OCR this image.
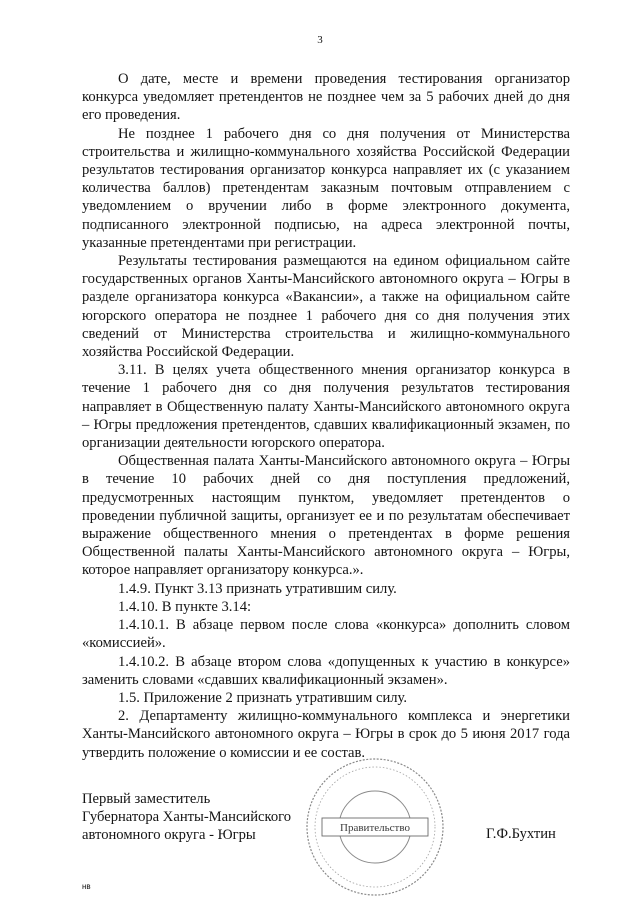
3

О дате, месте и времени проведения тестирования организатор конкурса уведомляет претендентов не позднее чем за 5 рабочих дней до дня его проведения.

Не позднее 1 рабочего дня со дня получения от Министерства строительства и жилищно-коммунального хозяйства Российской Федерации результатов тестирования организатор конкурса направляет их (с указанием количества баллов) претендентам заказным почтовым отправлением с уведомлением о вручении либо в форме электронного документа, подписанного электронной подписью, на адреса электронной почты, указанные претендентами при регистрации.

Результаты тестирования размещаются на едином официальном сайте государственных органов Ханты-Мансийского автономного округа – Югры в разделе организатора конкурса «Вакансии», а также на официальном сайте югорского оператора не позднее 1 рабочего дня со дня получения этих сведений от Министерства строительства и жилищно-коммунального хозяйства Российской Федерации.

3.11. В целях учета общественного мнения организатор конкурса в течение 1 рабочего дня со дня получения результатов тестирования направляет в Общественную палату Ханты-Мансийского автономного округа – Югры предложения претендентов, сдавших квалификационный экзамен, по организации деятельности югорского оператора.

Общественная палата Ханты-Мансийского автономного округа – Югры в течение 10 рабочих дней со дня поступления предложений, предусмотренных настоящим пунктом, уведомляет претендентов о проведении публичной защиты, организует ее и по результатам обеспечивает выражение общественного мнения о претендентах в форме решения Общественной палаты Ханты-Мансийского автономного округа – Югры, которое направляет организатору конкурса.».

1.4.9. Пункт 3.13 признать утратившим силу.

1.4.10. В пункте 3.14:

1.4.10.1. В абзаце первом после слова «конкурса» дополнить словом «комиссией».

1.4.10.2. В абзаце втором слова «допущенных к участию в конкурсе» заменить словами «сдавших квалификационный экзамен».

1.5. Приложение 2 признать утратившим силу.

2. Департаменту жилищно-коммунального комплекса и энергетики Ханты-Мансийского автономного округа – Югры в срок до 5 июня 2017 года утвердить положение о комиссии и ее состав.

Правительство
Первый заместитель
Губернатора Ханты-Мансийского
автономного округа - Югры	Г.Ф.Бухтин
нв
